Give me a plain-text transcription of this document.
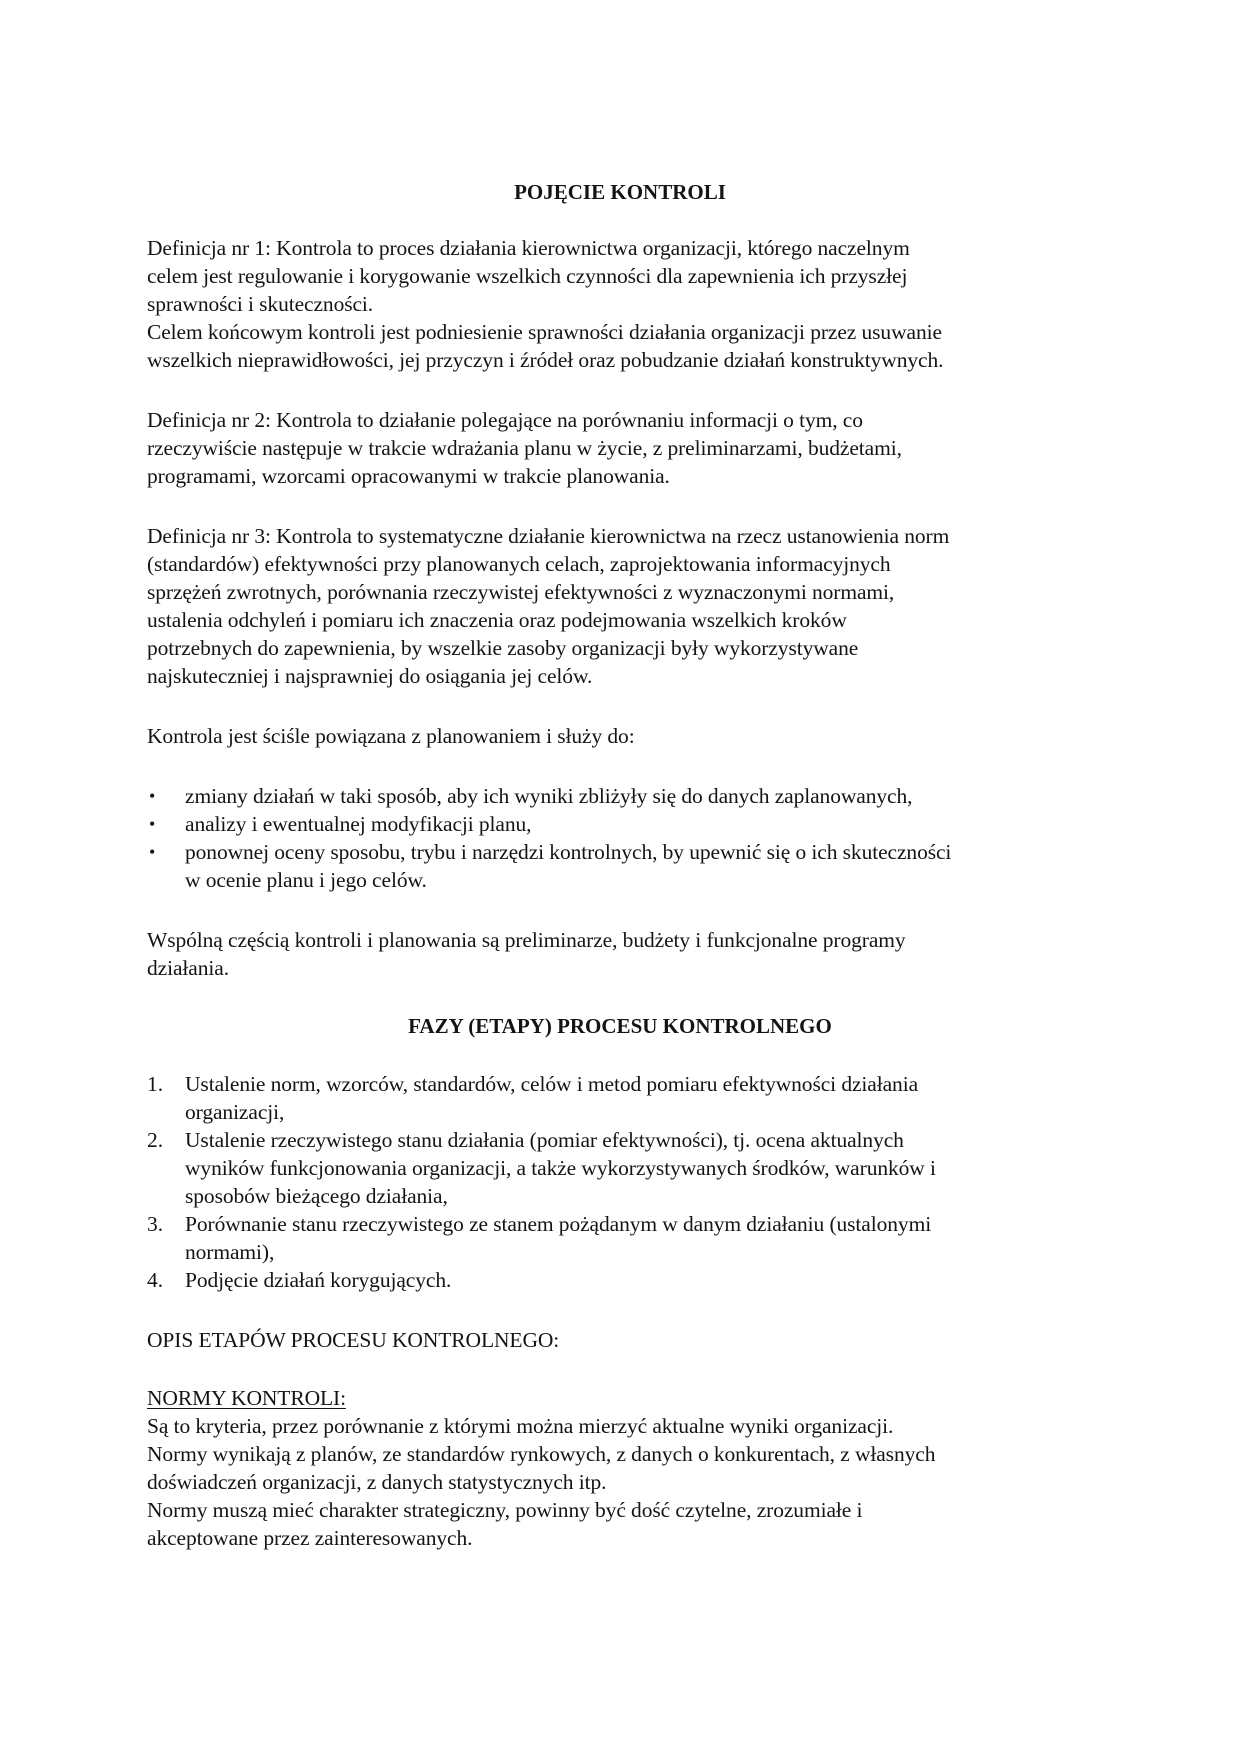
POJĘCIE KONTROLI
Definicja nr 1: Kontrola to proces działania kierownictwa organizacji, którego naczelnym
celem jest regulowanie i korygowanie wszelkich czynności dla zapewnienia ich przyszłej
sprawności i skuteczności.
Celem końcowym kontroli jest podniesienie sprawności działania organizacji przez usuwanie
wszelkich nieprawidłowości, jej przyczyn i źródeł oraz pobudzanie działań konstruktywnych.
Definicja nr 2: Kontrola to działanie polegające na porównaniu informacji o tym, co
rzeczywiście następuje w trakcie wdrażania planu w życie, z preliminarzami, budżetami,
programami, wzorcami opracowanymi w trakcie planowania.
Definicja nr 3: Kontrola to systematyczne działanie kierownictwa na rzecz ustanowienia norm
(standardów) efektywności przy planowanych celach, zaprojektowania informacyjnych
sprzężeń zwrotnych, porównania rzeczywistej efektywności z wyznaczonymi normami,
ustalenia odchyleń i pomiaru ich znaczenia oraz podejmowania wszelkich kroków
potrzebnych do zapewnienia, by wszelkie zasoby organizacji były wykorzystywane
najskuteczniej i najsprawniej do osiągania jej celów.
Kontrola jest ściśle powiązana z planowaniem i służy do:
• zmiany działań w taki sposób, aby ich wyniki zbliżyły się do danych zaplanowanych,
• analizy i ewentualnej modyfikacji planu,
• ponownej oceny sposobu, trybu i narzędzi kontrolnych, by upewnić się o ich skuteczności
w ocenie planu i jego celów.
Wspólną częścią kontroli i planowania są preliminarze, budżety i funkcjonalne programy
działania.
FAZY (ETAPY) PROCESU KONTROLNEGO
1. Ustalenie norm, wzorców, standardów, celów i metod pomiaru efektywności działania
organizacji,
2. Ustalenie rzeczywistego stanu działania (pomiar efektywności), tj. ocena aktualnych
wyników funkcjonowania organizacji, a także wykorzystywanych środków, warunków i
sposobów bieżącego działania,
3. Porównanie stanu rzeczywistego ze stanem pożądanym w danym działaniu (ustalonymi
normami),
4. Podjęcie działań korygujących.
OPIS ETAPÓW PROCESU KONTROLNEGO:
NORMY KONTROLI:
Są to kryteria, przez porównanie z którymi można mierzyć aktualne wyniki organizacji.
Normy wynikają z planów, ze standardów rynkowych, z danych o konkurentach, z własnych
doświadczeń organizacji, z danych statystycznych itp.
Normy muszą mieć charakter strategiczny, powinny być dość czytelne, zrozumiałe i
akceptowane przez zainteresowanych.
